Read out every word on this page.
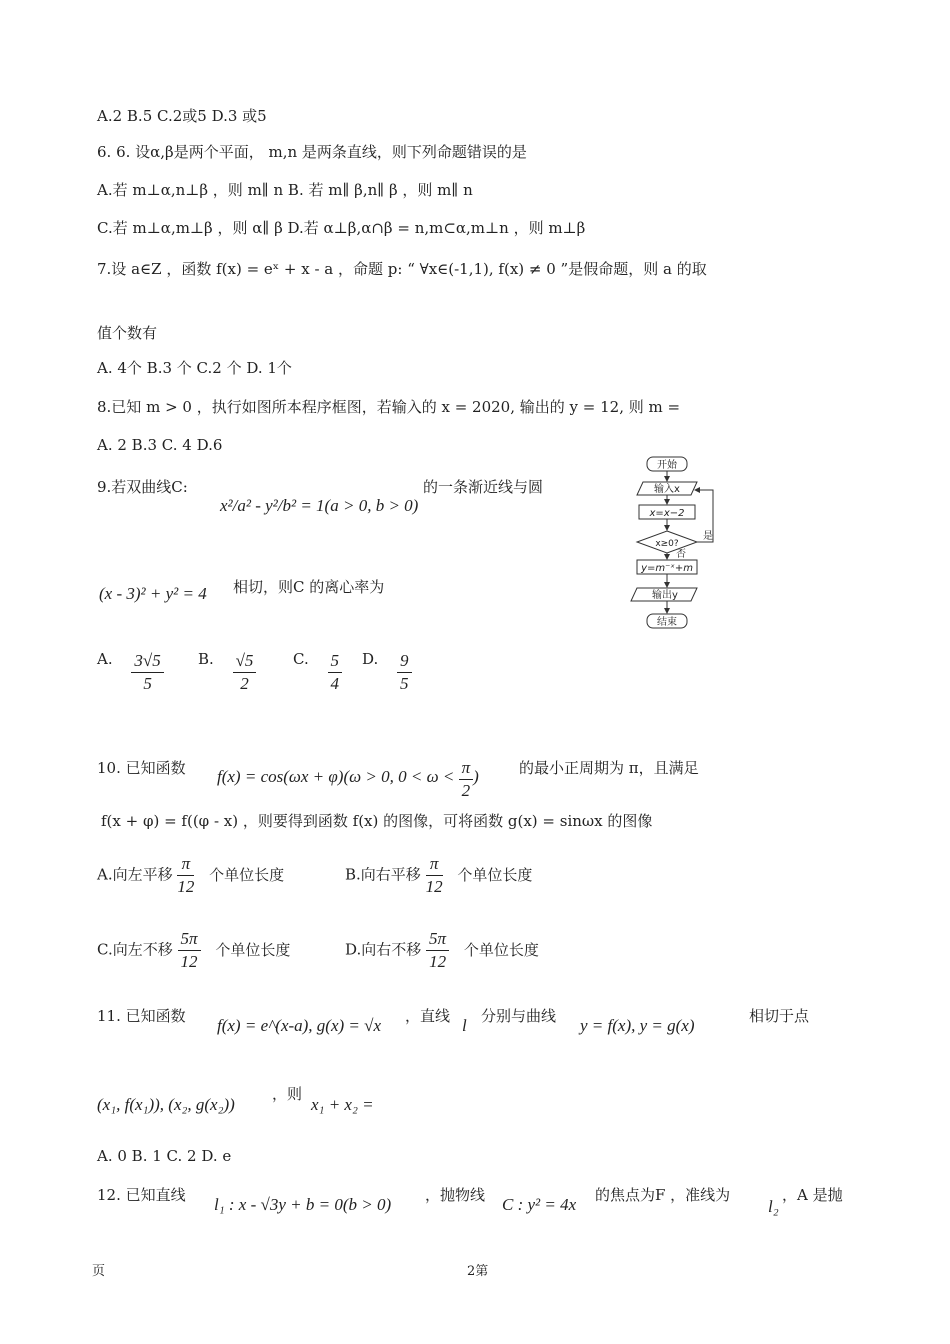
A.2 B.5 C.2或5 D.3 或5
6. 6. 设α,β是两个平面， m,n 是两条直线，则下列命题错误的是
A.若 m⊥α,n⊥β ，则 m∥ n B. 若 m∥ β,n∥ β ，则 m∥ n
C.若 m⊥α,m⊥β ，则 α∥ β D.若 α⊥β,α∩β = n,m⊂α,m⊥n ，则 m⊥β
7.设 a∈Z ，函数 f(x) = eˣ + x - a ，命题 p: “ ∀x∈(-1,1), f(x) ≠ 0 ”是假命题，则 a 的取
值个数有
A. 4个 B.3 个 C.2 个 D. 1个
8.已知 m > 0 ，执行如图所本程序框图，若输入的 x = 2020, 输出的 y = 12, 则 m =
A. 2 B.3 C. 4 D.6
9.若双曲线C:
x²/a² - y²/b² = 1(a > 0, b > 0)
的一条渐近线与圆
(x - 3)² + y² = 4 相切，则C 的离心率为
A. $\frac{3√5}{5} B$. $\frac{√5}{2} C$. $\frac{5}{4} D$. $\frac{9}{5}$
开始
输入x
x=x−2
x≥0?
是
否
y=m⁻ˣ+m
输出y
结束
10. 已知函数 f(x) = cos(ωx + φ)(ω > 0, $0 < \omega < \frac{\pi}{2}$ )	的最小正周期为 π，且满足
f(x + φ) = f((φ - x) ，则要得到函数 f(x) 的图像，可将函数 g(x) = sinωx 的图像
A.向左平移 $\frac{\pi}{12}$ 个单位长度	B.向右平移 $\frac{\pi}{12}$ 个单位长度
C.向左不移 $\frac{5\pi}{12}$ 个单位长度	D.向右不移 $\frac{5\pi}{12}$ 个单位长度
11. 已知函数 f(x) = e^(x-a), g(x) = √x ，直线 l 分别与曲线 y = f(x), y = g(x)	相切于点
(x₁, f(x₁)), (x₂, g(x₂))
，则
x₁ + x₂ =
A. 0 B. 1 C. 2 D. e
12. 已知直线 l₁ : x - √3y + b = 0(b > 0) ，抛物线 C : y² = 4x 的焦点为F ，准线为
l₂
，A 是抛
页	2第
